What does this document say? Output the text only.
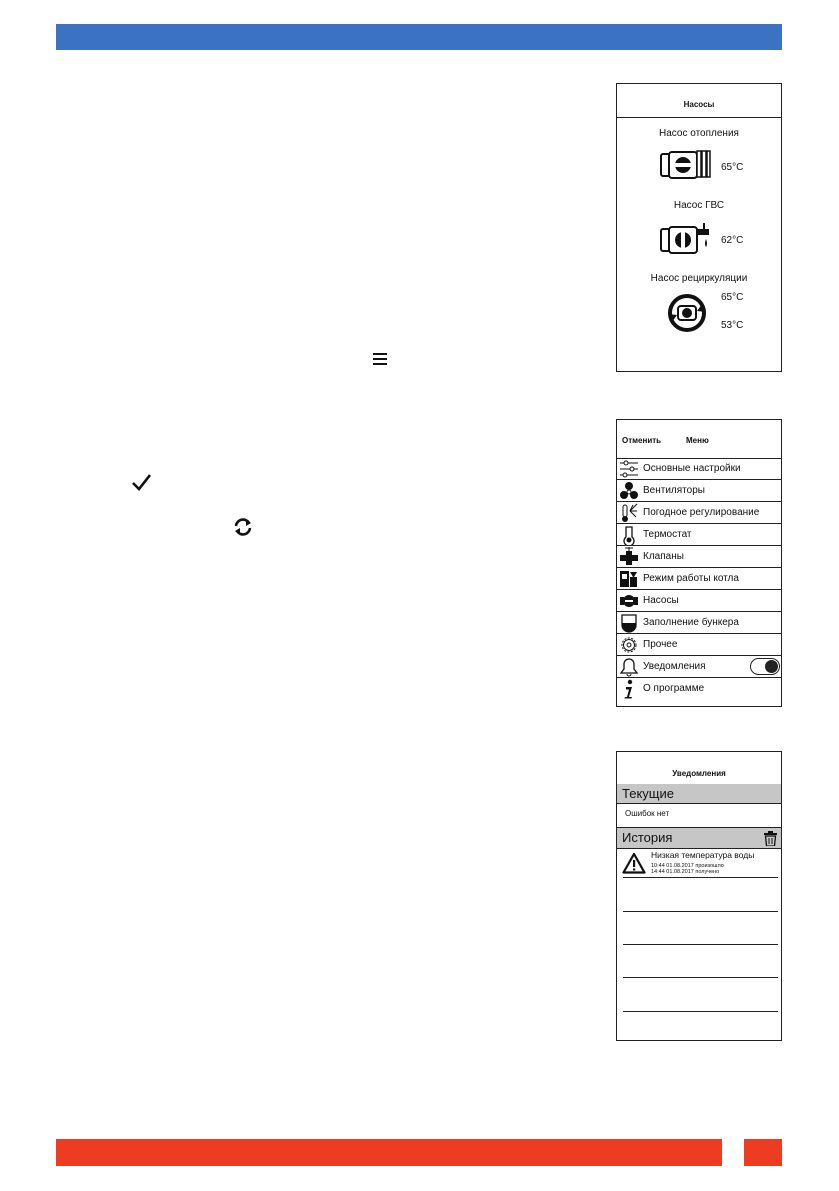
Насосы
Насос отопления
65°C
Насос ГВС
62°C
Насос рециркуляции
65°C
53°C
Отменить	Меню
Основные настройки
Вентиляторы
Погодное регулирование
Термостат
Клапаны
Режим работы котла
Насосы
Заполнение бункера
Прочее
Уведомления
О программе
Уведомления
Текущие
Ошибок нет
История
Низкая температура воды
10:44 01.08.2017 произошло
14:44 01.08.2017 получено
